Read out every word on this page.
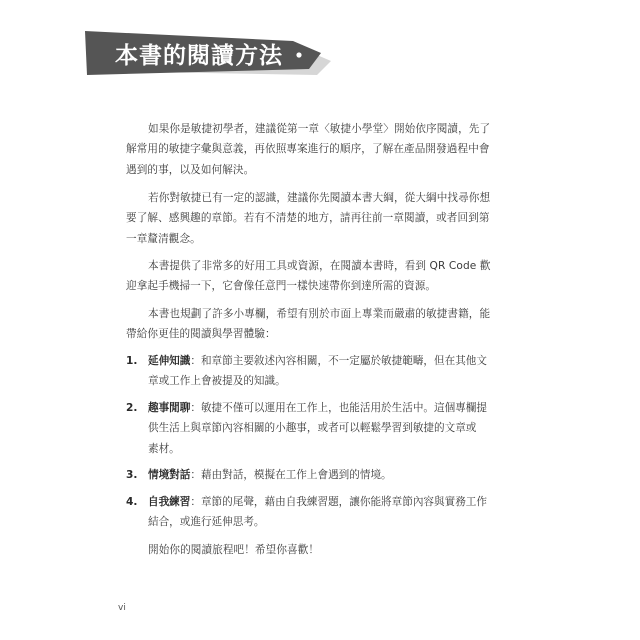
本書的閱讀方法
如果你是敏捷初學者，建議從第一章〈敏捷小學堂〉開始依序閱讀，先了
解常用的敏捷字彙與意義，再依照專案進行的順序，了解在產品開發過程中會
遇到的事，以及如何解決。
若你對敏捷已有一定的認識，建議你先閱讀本書大綱，從大綱中找尋你想
要了解、感興趣的章節。若有不清楚的地方，請再往前一章閱讀，或者回到第
一章釐清觀念。
本書提供了非常多的好用工具或資源，在閱讀本書時，看到 QR Code 歡
迎拿起手機掃一下，它會像任意門一樣快速帶你到達所需的資源。
本書也規劃了許多小專欄，希望有別於市面上專業而嚴肅的敏捷書籍，能
帶給你更佳的閱讀與學習體驗：
1. 延伸知識：和章節主要敘述內容相關，不一定屬於敏捷範疇，但在其他文
章或工作上會被提及的知識。
2. 趣事閒聊：敏捷不僅可以運用在工作上，也能活用於生活中。這個專欄提
供生活上與章節內容相關的小趣事，或者可以輕鬆學習到敏捷的文章或
素材。
3. 情境對話：藉由對話，模擬在工作上會遇到的情境。
4. 自我練習：章節的尾聲，藉由自我練習題，讓你能將章節內容與實務工作
結合，或進行延伸思考。
開始你的閱讀旅程吧！希望你喜歡！
vi
